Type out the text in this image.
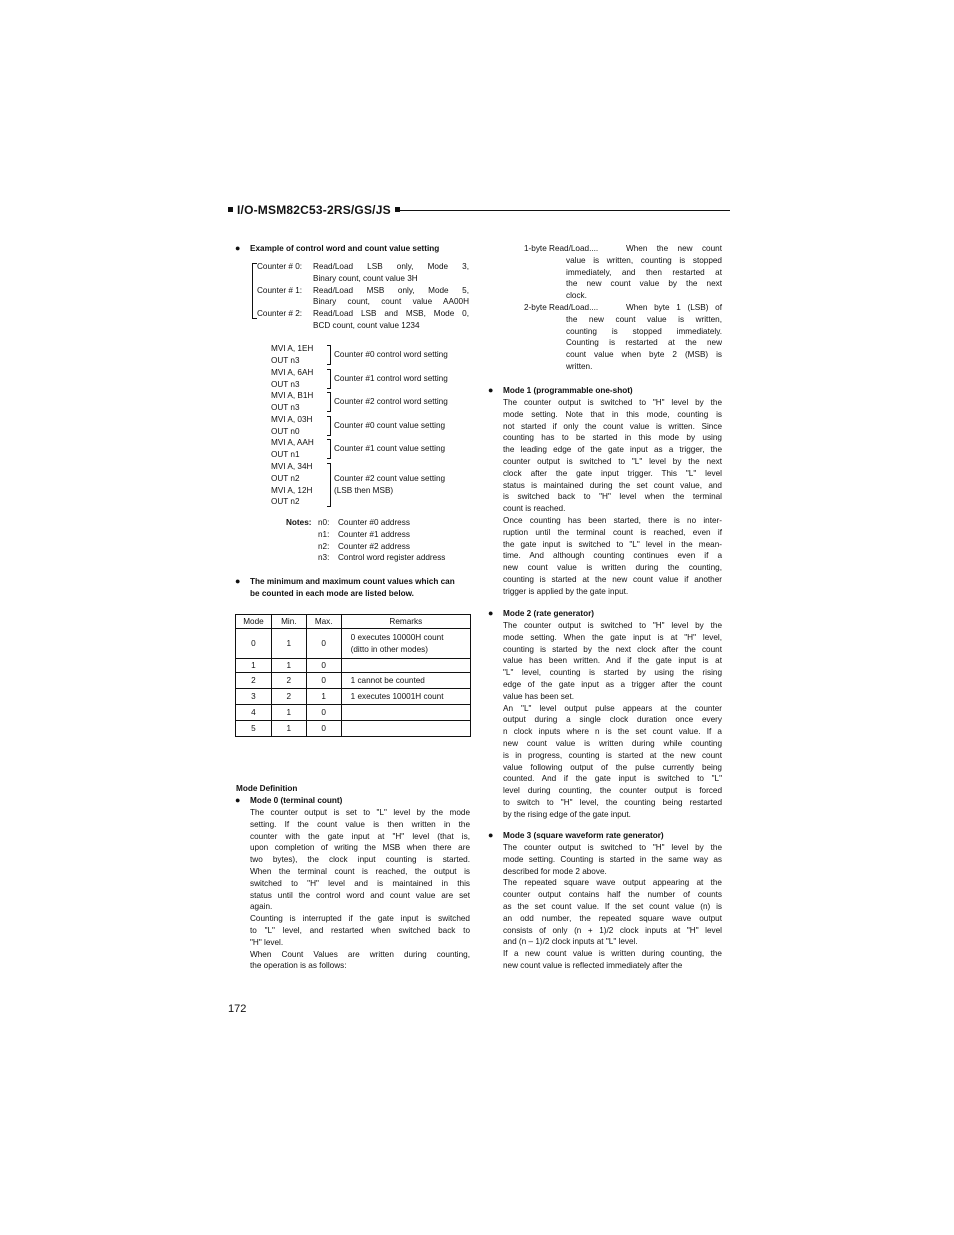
I/O-MSM82C53-2RS/GS/JS
● Example of control word and count value setting
Counter # 0:	Read/Load LSB only, Mode 3,
Binary count, count value 3H
Counter # 1:	Read/Load MSB only, Mode 5,
Binary count, count value AA00H
Counter # 2:	Read/Load LSB and MSB, Mode 0,
BCD count, count value 1234
MVI A, 1EH
OUT n3
Counter #0 control word setting
MVI A, 6AH
OUT n3
Counter #1 control word setting
MVI A, B1H
OUT n3
Counter #2 control word setting
MVI A, 03H
OUT n0
Counter #0 count value setting
MVI A, AAH
OUT n1
Counter #1 count value setting
MVI A, 34H
OUT n2
MVI A, 12H
OUT n2
Counter #2 count value setting
(LSB then MSB)
Notes: n0: Counter #0 address
n1: Counter #1 address
n2: Counter #2 address
n3: Control word register address
● The minimum and maximum count values which can
be counted in each mode are listed below.
Mode	Min.	Max.	Remarks
0	1	0	0 executes 10000H count
(ditto in other modes)

1	1	0	
2	2	0	1 cannot be counted
3	2	1	1 executes 10001H count
4	1	0	
5	1	0	
Mode Definition
● Mode 0 (terminal count)
The counter output is set to "L" level by the mode
setting. If the count value is then written in the
counter with the gate input at "H" level (that is,
upon completion of writing the MSB when there are
two bytes), the clock input counting is started.
When the terminal count is reached, the output is
switched to "H" level and is maintained in this
status until the control word and count value are set
again.
Counting is interrupted if the gate input is switched
to "L" level, and restarted when switched back to
"H" level.
When Count Values are written during counting,
the operation is as follows:
1-byte Read/Load....	When the new count
value is written, counting is stopped
immediately, and then restarted at
the new count value by the next
clock.
2-byte Read/Load....	When byte 1 (LSB) of
the new count value is written,
counting is stopped immediately.
Counting is restarted at the new
count value when byte 2 (MSB) is
written.
● Mode 1 (programmable one-shot)
The counter output is switched to "H" level by the
mode setting. Note that in this mode, counting is
not started if only the count value is written. Since
counting has to be started in this mode by using
the leading edge of the gate input as a trigger, the
counter output is switched to "L" level by the next
clock after the gate input trigger. This "L" level
status is maintained during the set count value, and
is switched back to "H" level when the terminal
count is reached.
Once counting has been started, there is no inter-
ruption until the terminal count is reached, even if
the gate input is switched to "L" level in the mean-
time. And although counting continues even if a
new count value is written during the counting,
counting is started at the new count value if another
trigger is applied by the gate input.
● Mode 2 (rate generator)
The counter output is switched to "H" level by the
mode setting. When the gate input is at "H" level,
counting is started by the next clock after the count
value has been written. And if the gate input is at
"L" level, counting is started by using the rising
edge of the gate input as a trigger after the count
value has been set.
An "L" level output pulse appears at the counter
output during a single clock duration once every
n clock inputs where n is the set count value. If a
new count value is written during while counting
is in progress, counting is started at the new count
value following output of the pulse currently being
counted. And if the gate input is switched to "L"
level during counting, the counter output is forced
to switch to "H" level, the counting being restarted
by the rising edge of the gate input.
● Mode 3 (square waveform rate generator)
The counter output is switched to "H" level by the
mode setting. Counting is started in the same way as
described for mode 2 above.
The repeated square wave output appearing at the
counter output contains half the number of counts
as the set count value. If the set count value (n) is
an odd number, the repeated square wave output
consists of only (n + 1)/2 clock inputs at "H" level
and (n – 1)/2 clock inputs at "L" level.
If a new count value is written during counting, the
new count value is reflected immediately after the
172
